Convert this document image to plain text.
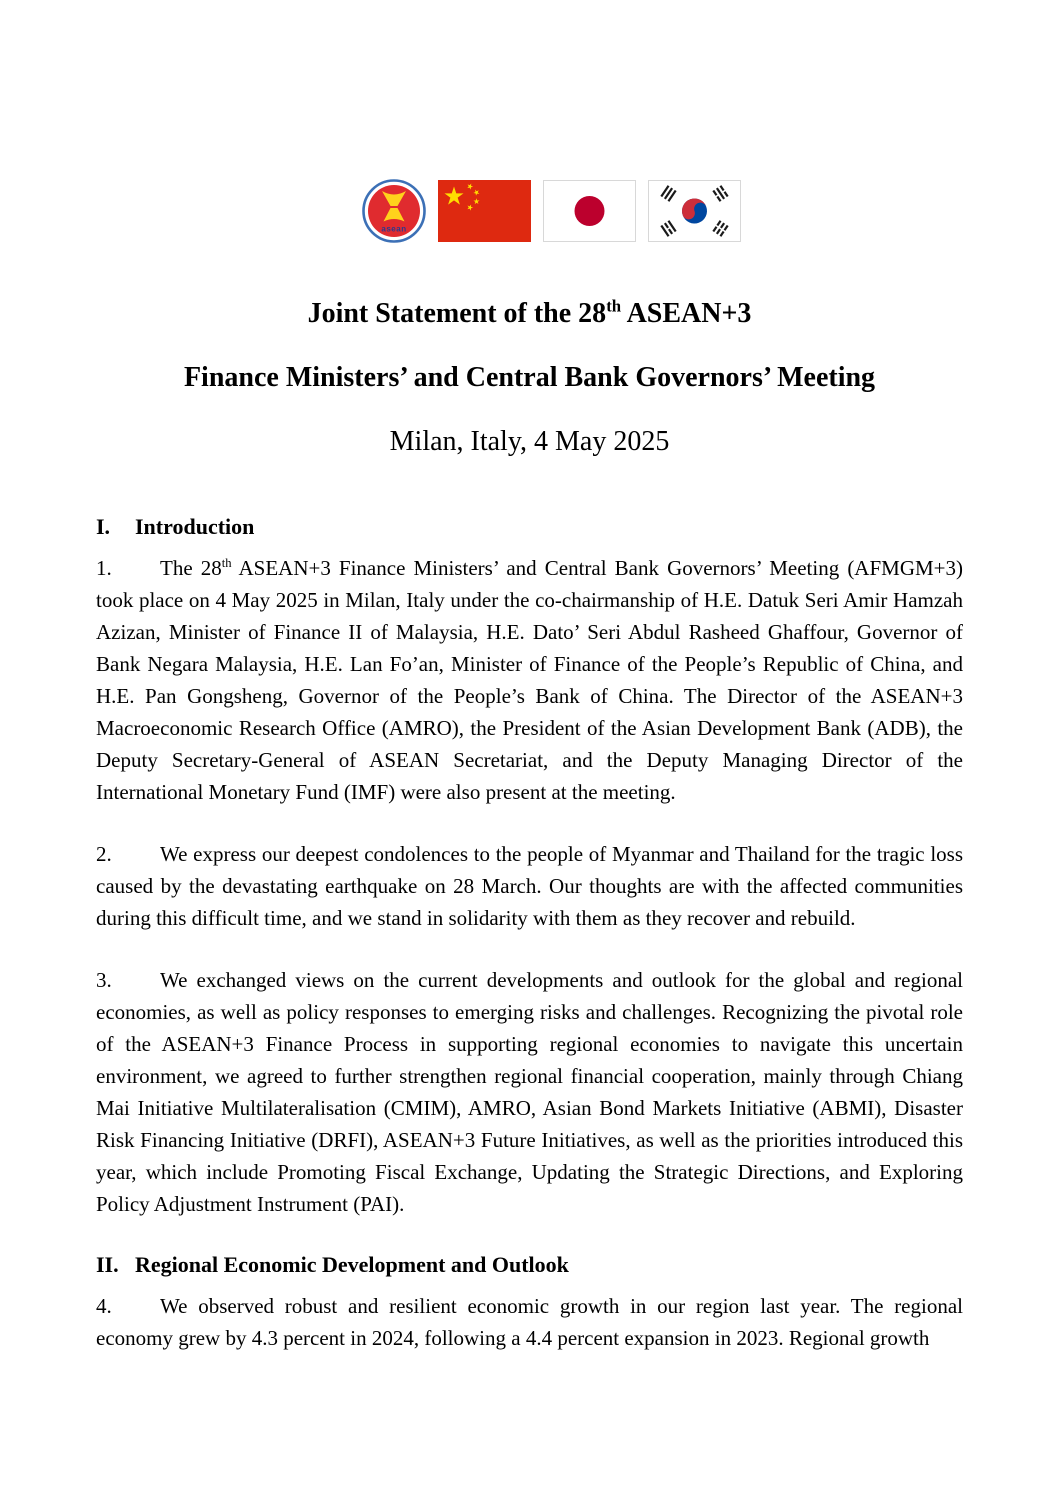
asean
Joint Statement of the 28th ASEAN+3
Finance Ministers’ and Central Bank Governors’ Meeting
Milan, Italy, 4 May 2025
I. Introduction

1. The 28th ASEAN+3 Finance Ministers’ and Central Bank Governors’ Meeting (AFMGM+3) took place on 4 May 2025 in Milan, Italy under the co-chairmanship of H.E. Datuk Seri Amir Hamzah Azizan, Minister of Finance II of Malaysia, H.E. Dato’ Seri Abdul Rasheed Ghaffour, Governor of Bank Negara Malaysia, H.E. Lan Fo’an, Minister of Finance of the People’s Republic of China, and H.E. Pan Gongsheng, Governor of the People’s Bank of China. The Director of the ASEAN+3 Macroeconomic Research Office (AMRO), the President of the Asian Development Bank (ADB), the Deputy Secretary-General of ASEAN Secretariat, and the Deputy Managing Director of the International Monetary Fund (IMF) were also present at the meeting.

2. We express our deepest condolences to the people of Myanmar and Thailand for the tragic loss caused by the devastating earthquake on 28 March. Our thoughts are with the affected communities during this difficult time, and we stand in solidarity with them as they recover and rebuild.

3. We exchanged views on the current developments and outlook for the global and regional economies, as well as policy responses to emerging risks and challenges. Recognizing the pivotal role of the ASEAN+3 Finance Process in supporting regional economies to navigate this uncertain environment, we agreed to further strengthen regional financial cooperation, mainly through Chiang Mai Initiative Multilateralisation (CMIM), AMRO, Asian Bond Markets Initiative (ABMI), Disaster Risk Financing Initiative (DRFI), ASEAN+3 Future Initiatives, as well as the priorities introduced this year, which include Promoting Fiscal Exchange, Updating the Strategic Directions, and Exploring Policy Adjustment Instrument (PAI).

II. Regional Economic Development and Outlook

4. We observed robust and resilient economic growth in our region last year. The regional economy grew by 4.3 percent in 2024, following a 4.4 percent expansion in 2023. Regional growth
